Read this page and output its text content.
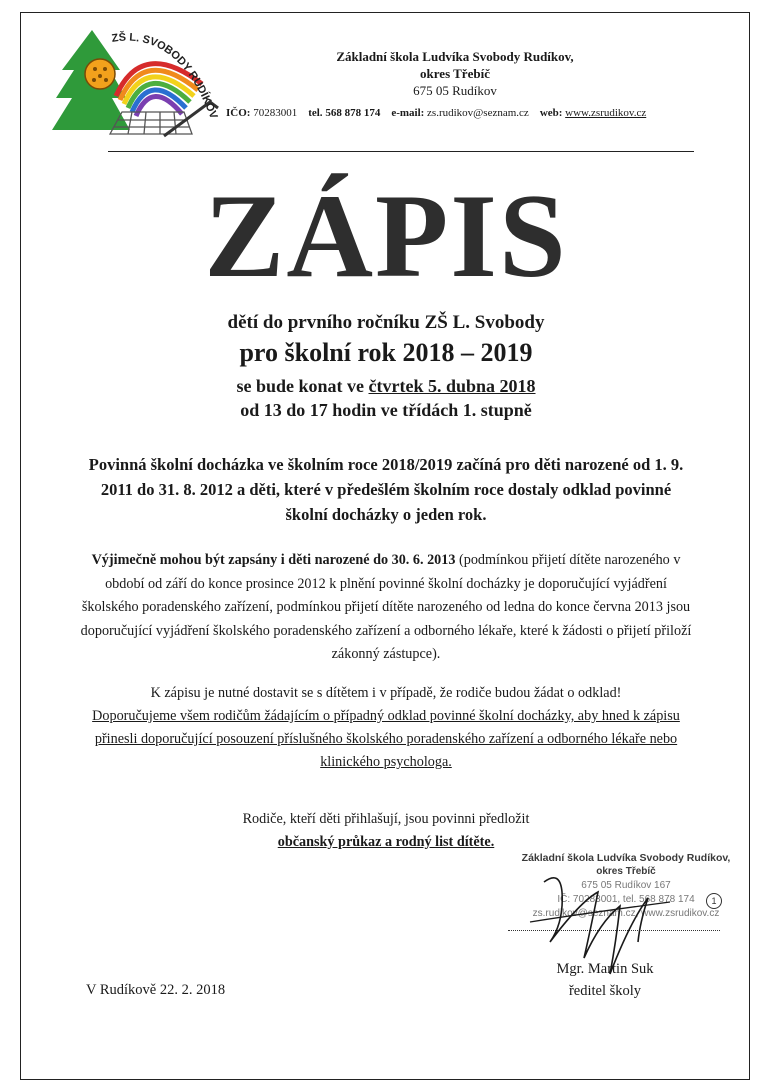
ZŠ L. SVOBODY RUDÍKOV
Základní škola Ludvíka Svobody Rudíkov,
okres Třebíč
675 05 Rudíkov
IČO: 70283001 tel. 568 878 174 e-mail: zs.rudikov@seznam.cz web: www.zsrudikov.cz
ZÁPIS
dětí do prvního ročníku ZŠ L. Svobody
pro školní rok 2018 – 2019
se bude konat ve čtvrtek 5. dubna 2018
od 13 do 17 hodin ve třídách 1. stupně
Povinná školní docházka ve školním roce 2018/2019 začíná pro děti narozené od 1. 9. 2011 do 31. 8. 2012 a děti, které v předešlém školním roce dostaly odklad povinné školní docházky o jeden rok.
Výjimečně mohou být zapsány i děti narozené do 30. 6. 2013 (podmínkou přijetí dítěte narozeného v období od září do konce prosince 2012 k plnění povinné školní docházky je doporučující vyjádření školského poradenského zařízení, podmínkou přijetí dítěte narozeného od ledna do konce června 2013 jsou doporučující vyjádření školského poradenského zařízení a odborného lékaře, které k žádosti o přijetí přiloží zákonný zástupce).
K zápisu je nutné dostavit se s dítětem i v případě, že rodiče budou žádat o odklad!
Doporučujeme všem rodičům žádajícím o případný odklad povinné školní docházky, aby hned k zápisu přinesli doporučující posouzení příslušného školského poradenského zařízení a odborného lékaře nebo klinického psychologa.
Rodiče, kteří děti přihlašují, jsou povinni předložit
občanský průkaz a rodný list dítěte.
Základní škola Ludvíka Svobody Rudíkov,
okres Třebíč
675 05 Rudíkov 167
IČ: 70283001, tel. 568 878 174
zs.rudikov@seznam.cz, www.zsrudikov.cz
1
Mgr. Martin Suk
ředitel školy
V Rudíkově 22. 2. 2018
